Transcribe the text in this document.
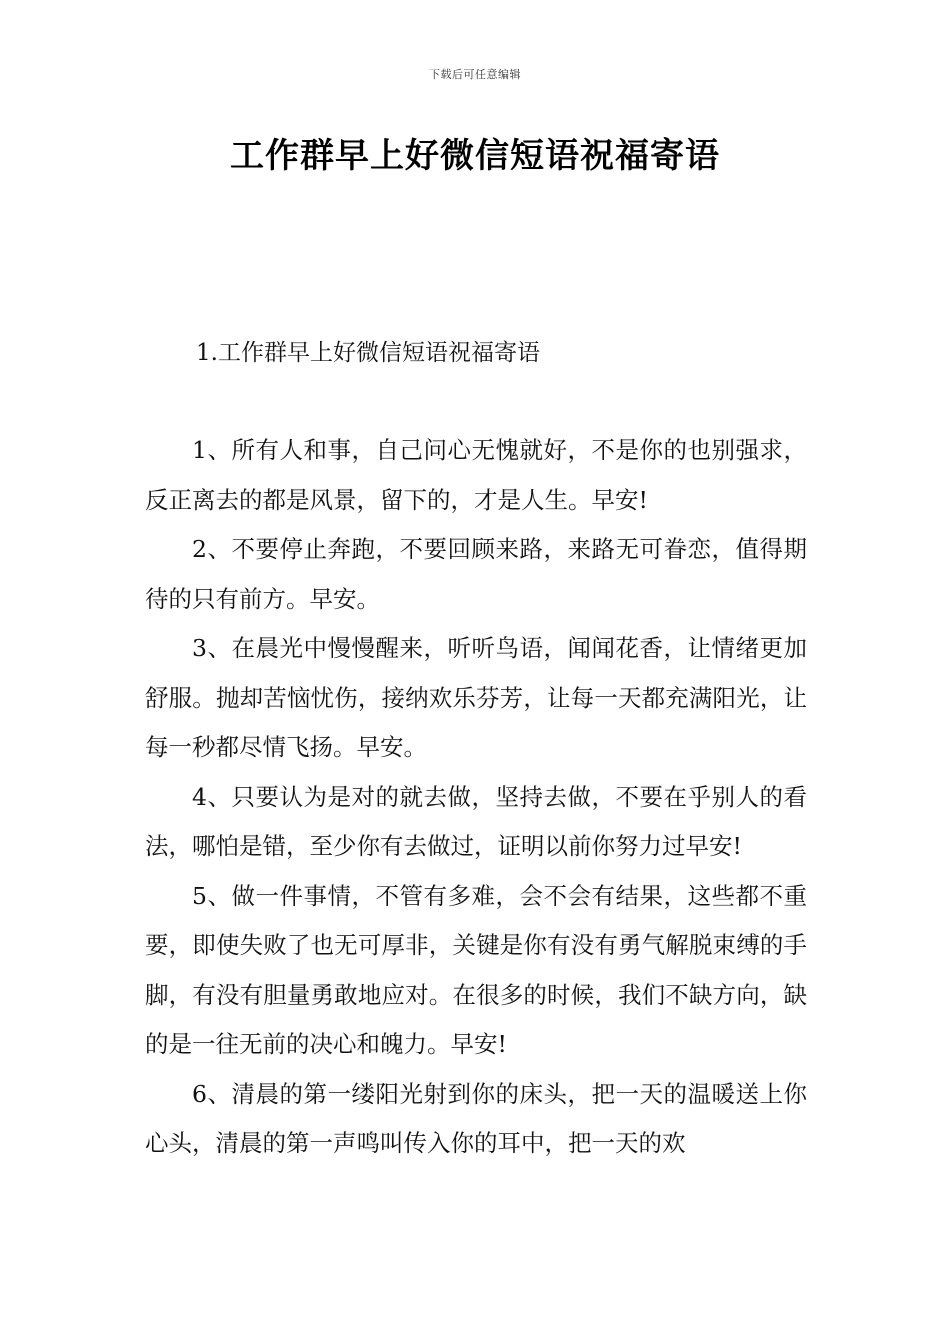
下载后可任意编辑
工作群早上好微信短语祝福寄语
1.工作群早上好微信短语祝福寄语

1、所有人和事，自己问心无愧就好，不是你的也别强求，反正离去的都是风景，留下的，才是人生。早安!

2、不要停止奔跑，不要回顾来路，来路无可眷恋，值得期待的只有前方。早安。

3、在晨光中慢慢醒来，听听鸟语，闻闻花香，让情绪更加舒服。抛却苦恼忧伤，接纳欢乐芬芳，让每一天都充满阳光，让每一秒都尽情飞扬。早安。

4、只要认为是对的就去做，坚持去做，不要在乎别人的看法，哪怕是错，至少你有去做过，证明以前你努力过早安!

5、做一件事情，不管有多难，会不会有结果，这些都不重要，即使失败了也无可厚非，关键是你有没有勇气解脱束缚的手脚，有没有胆量勇敢地应对。在很多的时候，我们不缺方向，缺的是一往无前的决心和魄力。早安!

6、清晨的第一缕阳光射到你的床头，把一天的温暖送上你心头，清晨的第一声鸣叫传入你的耳中，把一天的欢
